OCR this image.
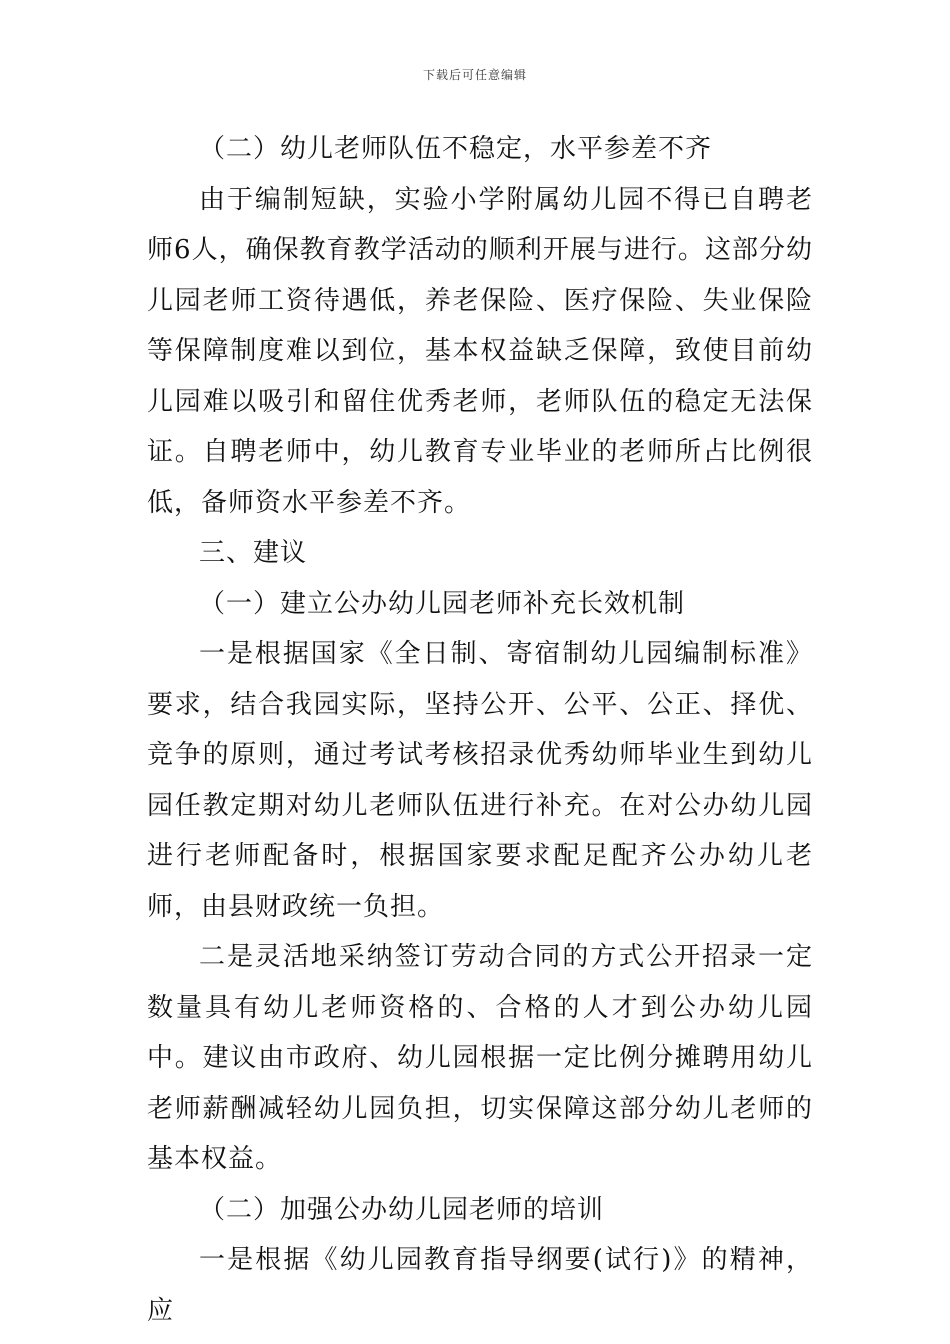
下载后可任意编辑

（二）幼儿老师队伍不稳定，水平参差不齐

由于编制短缺，实验小学附属幼儿园不得已自聘老师6人，确保教育教学活动的顺利开展与进行。这部分幼儿园老师工资待遇低，养老保险、医疗保险、失业保险等保障制度难以到位，基本权益缺乏保障，致使目前幼儿园难以吸引和留住优秀老师，老师队伍的稳定无法保证。自聘老师中，幼儿教育专业毕业的老师所占比例很低，备师资水平参差不齐。

三、建议

（一）建立公办幼儿园老师补充长效机制

一是根据国家《全日制、寄宿制幼儿园编制标准》要求，结合我园实际，坚持公开、公平、公正、择优、竞争的原则，通过考试考核招录优秀幼师毕业生到幼儿园任教定期对幼儿老师队伍进行补充。在对公办幼儿园进行老师配备时，根据国家要求配足配齐公办幼儿老师，由县财政统一负担。

二是灵活地采纳签订劳动合同的方式公开招录一定数量具有幼儿老师资格的、合格的人才到公办幼儿园中。建议由市政府、幼儿园根据一定比例分摊聘用幼儿老师薪酬减轻幼儿园负担，切实保障这部分幼儿老师的基本权益。

（二）加强公办幼儿园老师的培训

一是根据《幼儿园教育指导纲要(试行)》的精神，应
